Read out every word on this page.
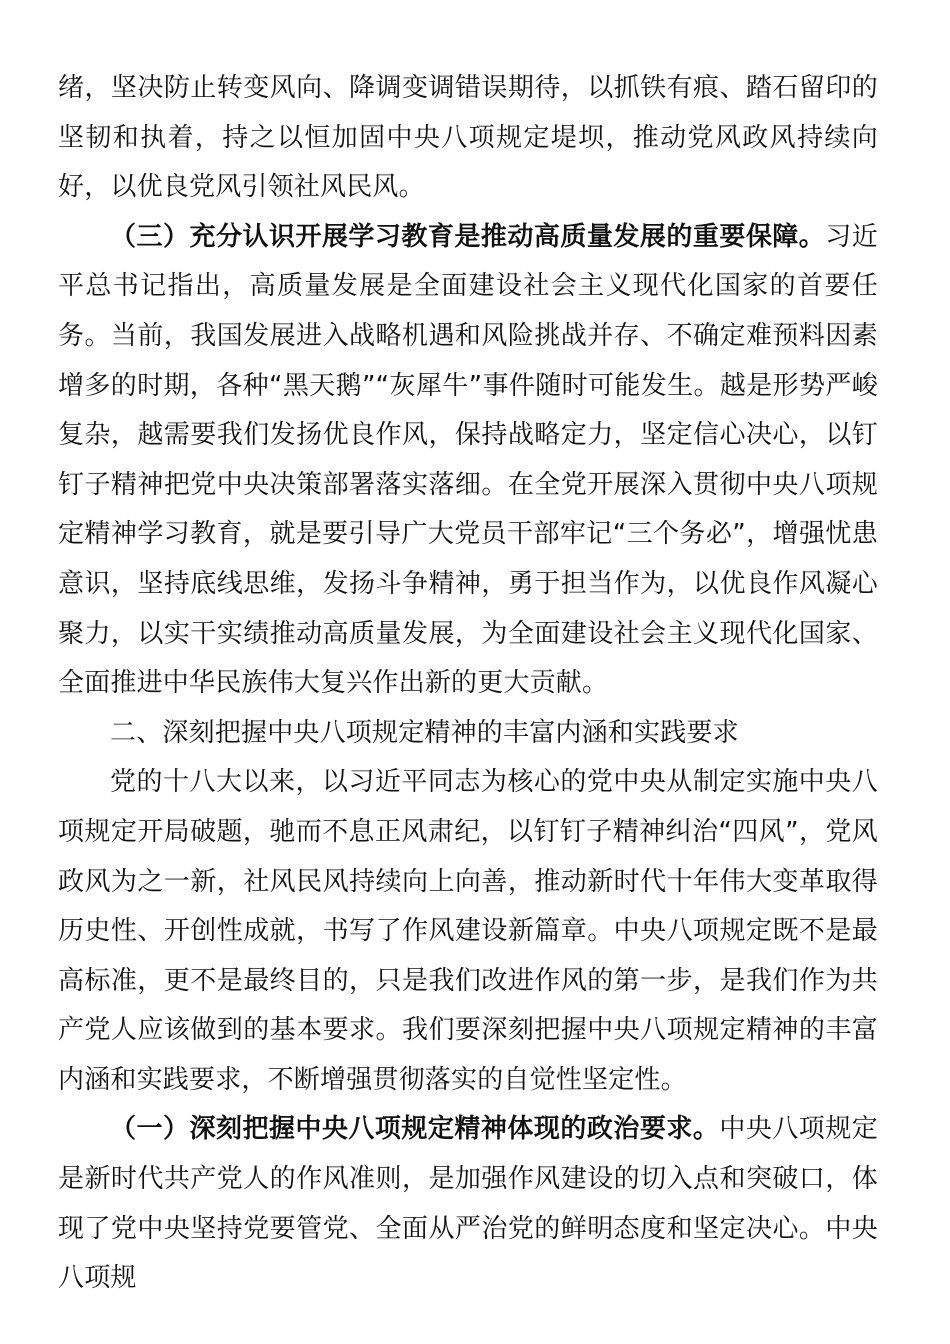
绪，坚决防止转变风向、降调变调错误期待，以抓铁有痕、踏石留印的坚韧和执着，持之以恒加固中央八项规定堤坝，推动党风政风持续向好，以优良党风引领社风民风。

（三）充分认识开展学习教育是推动高质量发展的重要保障。习近平总书记指出，高质量发展是全面建设社会主义现代化国家的首要任务。当前，我国发展进入战略机遇和风险挑战并存、不确定难预料因素增多的时期，各种“黑天鹅”“灰犀牛”事件随时可能发生。越是形势严峻复杂，越需要我们发扬优良作风，保持战略定力，坚定信心决心，以钉钉子精神把党中央决策部署落实落细。在全党开展深入贯彻中央八项规定精神学习教育，就是要引导广大党员干部牢记“三个务必”，增强忧患意识，坚持底线思维，发扬斗争精神，勇于担当作为，以优良作风凝心聚力，以实干实绩推动高质量发展，为全面建设社会主义现代化国家、全面推进中华民族伟大复兴作出新的更大贡献。

二、深刻把握中央八项规定精神的丰富内涵和实践要求

党的十八大以来，以习近平同志为核心的党中央从制定实施中央八项规定开局破题，驰而不息正风肃纪，以钉钉子精神纠治“四风”，党风政风为之一新，社风民风持续向上向善，推动新时代十年伟大变革取得历史性、开创性成就，书写了作风建设新篇章。中央八项规定既不是最高标准，更不是最终目的，只是我们改进作风的第一步，是我们作为共产党人应该做到的基本要求。我们要深刻把握中央八项规定精神的丰富内涵和实践要求，不断增强贯彻落实的自觉性坚定性。

（一）深刻把握中央八项规定精神体现的政治要求。中央八项规定是新时代共产党人的作风准则，是加强作风建设的切入点和突破口，体现了党中央坚持党要管党、全面从严治党的鲜明态度和坚定决心。中央八项规
